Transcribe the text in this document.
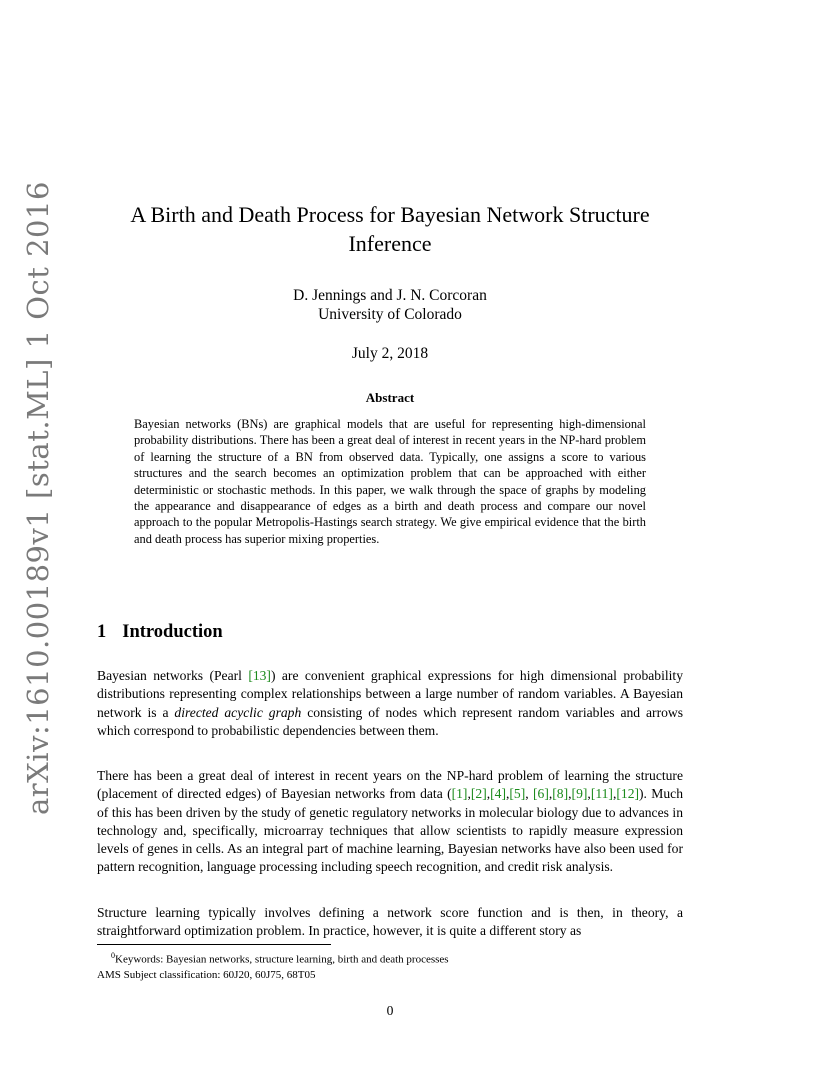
arXiv:1610.00189v1 [stat.ML] 1 Oct 2016	A Birth and Death Process for Bayesian Network Structure
Inference
D. Jennings and J. N. Corcoran
University of Colorado
July 2, 2018
Abstract
Bayesian networks (BNs) are graphical models that are useful for representing high-dimensional probability distributions. There has been a great deal of interest in recent years in the NP-hard problem of learning the structure of a BN from observed data. Typically, one assigns a score to various structures and the search becomes an optimization problem that can be approached with either deterministic or stochastic methods. In this paper, we walk through the space of graphs by modeling the appearance and disappearance of edges as a birth and death process and compare our novel approach to the popular Metropolis-Hastings search strategy. We give empirical evidence that the birth and death process has superior mixing properties.
1 Introduction

Bayesian networks (Pearl [13]) are convenient graphical expressions for high dimensional probability distributions representing complex relationships between a large number of random variables. A Bayesian network is a directed acyclic graph consisting of nodes which represent random variables and arrows which correspond to probabilistic dependencies between them.

There has been a great deal of interest in recent years on the NP-hard problem of learning the structure (placement of directed edges) of Bayesian networks from data ([1],[2],[4],[5], [6],[8],[9],[11],[12]). Much of this has been driven by the study of genetic regulatory networks in molecular biology due to advances in technology and, specifically, microarray techniques that allow scientists to rapidly measure expression levels of genes in cells. As an integral part of machine learning, Bayesian networks have also been used for pattern recognition, language processing including speech recognition, and credit risk analysis.

Structure learning typically involves defining a network score function and is then, in theory, a straightforward optimization problem. In practice, however, it is quite a different story as

$^0$Keywords: Bayesian networks, structure learning, birth and death processes
AMS Subject classification: 60J20, 60J75, 68T05
0
